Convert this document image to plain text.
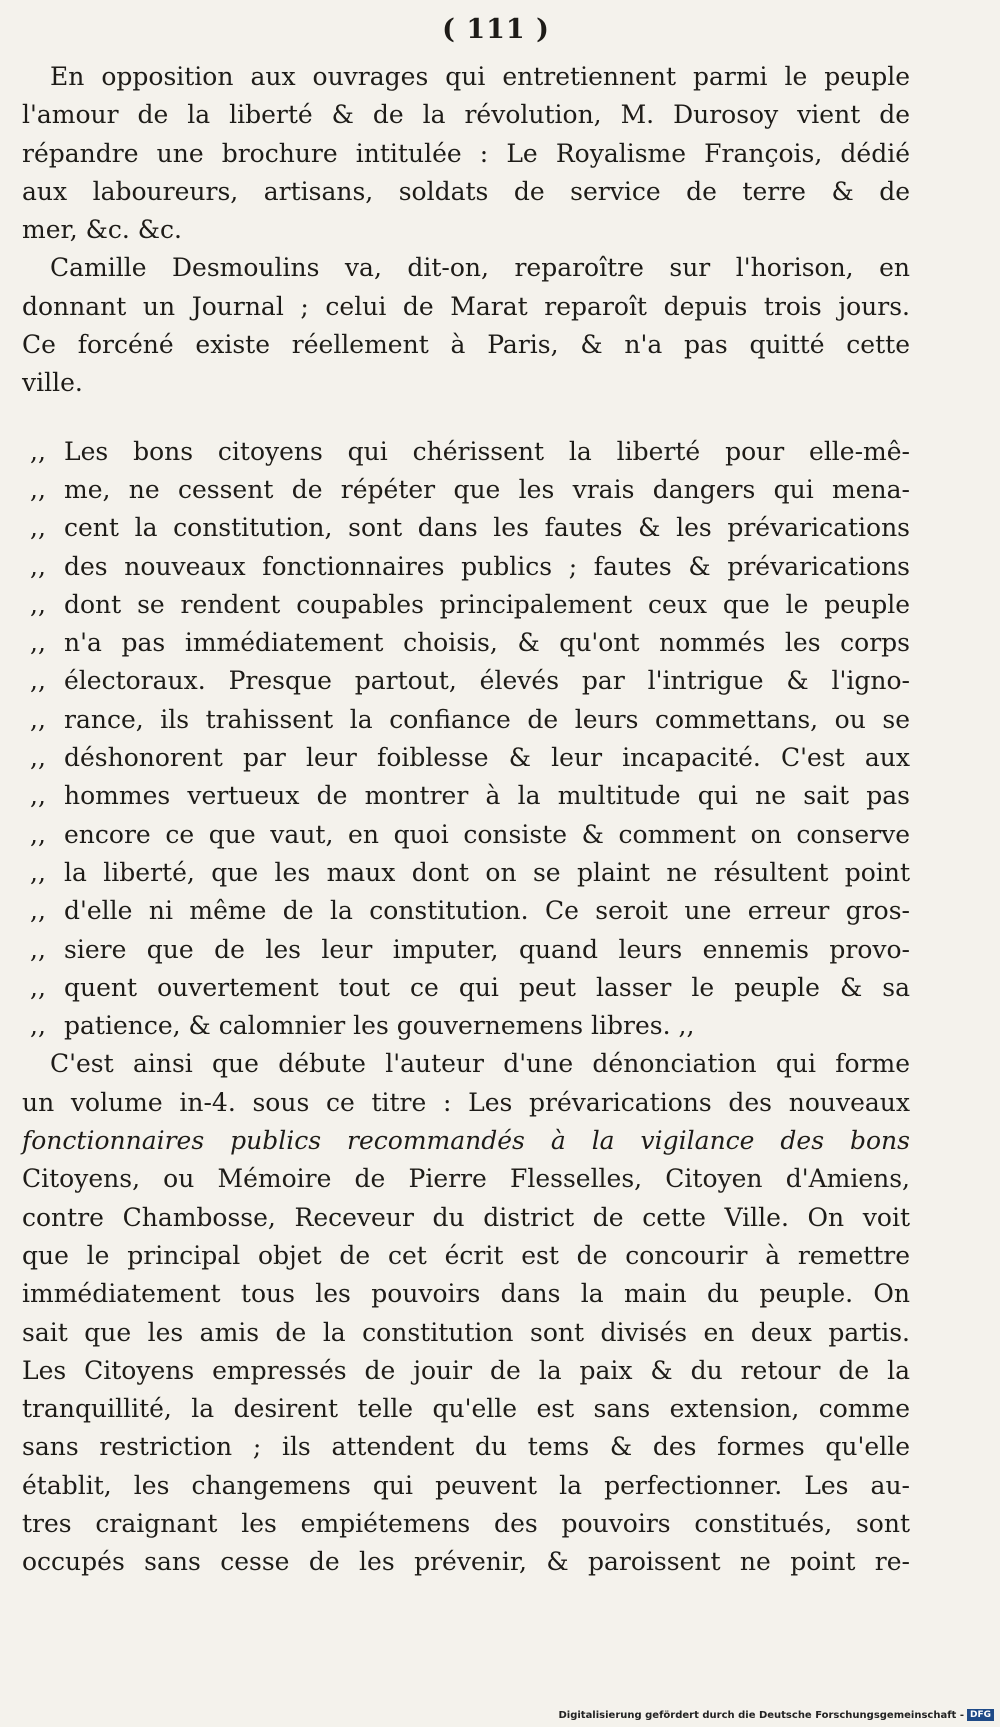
( 111 )
En opposition aux ouvrages qui entretiennent parmi le peuple
l'amour de la liberté & de la révolution, M. Durosoy vient de
répandre une brochure intitulée : Le Royalisme François, dédié
aux laboureurs, artisans, soldats de service de terre & de
mer, &c. &c.
Camille Desmoulins va, dit-on, reparoître sur l'horison, en
donnant un Journal ; celui de Marat reparoît depuis trois jours.
Ce forcéné existe réellement à Paris, & n'a pas quitté cette
ville.
,, Les bons citoyens qui chérissent la liberté pour elle-mê-
,, me, ne cessent de répéter que les vrais dangers qui mena-
,, cent la constitution, sont dans les fautes & les prévarications
,, des nouveaux fonctionnaires publics ; fautes & prévarications
,, dont se rendent coupables principalement ceux que le peuple
,, n'a pas immédiatement choisis, & qu'ont nommés les corps
,, électoraux. Presque partout, élevés par l'intrigue & l'igno-
,, rance, ils trahissent la confiance de leurs commettans, ou se
,, déshonorent par leur foiblesse & leur incapacité. C'est aux
,, hommes vertueux de montrer à la multitude qui ne sait pas
,, encore ce que vaut, en quoi consiste & comment on conserve
,, la liberté, que les maux dont on se plaint ne résultent point
,, d'elle ni même de la constitution. Ce seroit une erreur gros-
,, siere que de les leur imputer, quand leurs ennemis provo-
,, quent ouvertement tout ce qui peut lasser le peuple & sa
,, patience, & calomnier les gouvernemens libres. ,,
C'est ainsi que débute l'auteur d'une dénonciation qui forme
un volume in-4. sous ce titre : Les prévarications des nouveaux
fonctionnaires publics recommandés à la vigilance des bons
Citoyens, ou Mémoire de Pierre Flesselles, Citoyen d'Amiens,
contre Chambosse, Receveur du district de cette Ville. On voit
que le principal objet de cet écrit est de concourir à remettre
immédiatement tous les pouvoirs dans la main du peuple. On
sait que les amis de la constitution sont divisés en deux partis.
Les Citoyens empressés de jouir de la paix & du retour de la
tranquillité, la desirent telle qu'elle est sans extension, comme
sans restriction ; ils attendent du tems & des formes qu'elle
établit, les changemens qui peuvent la perfectionner. Les au-
tres craignant les empiétemens des pouvoirs constitués, sont
occupés sans cesse de les prévenir, & paroissent ne point re-
Digitalisierung gefördert durch die Deutsche Forschungsgemeinschaft - DFG
